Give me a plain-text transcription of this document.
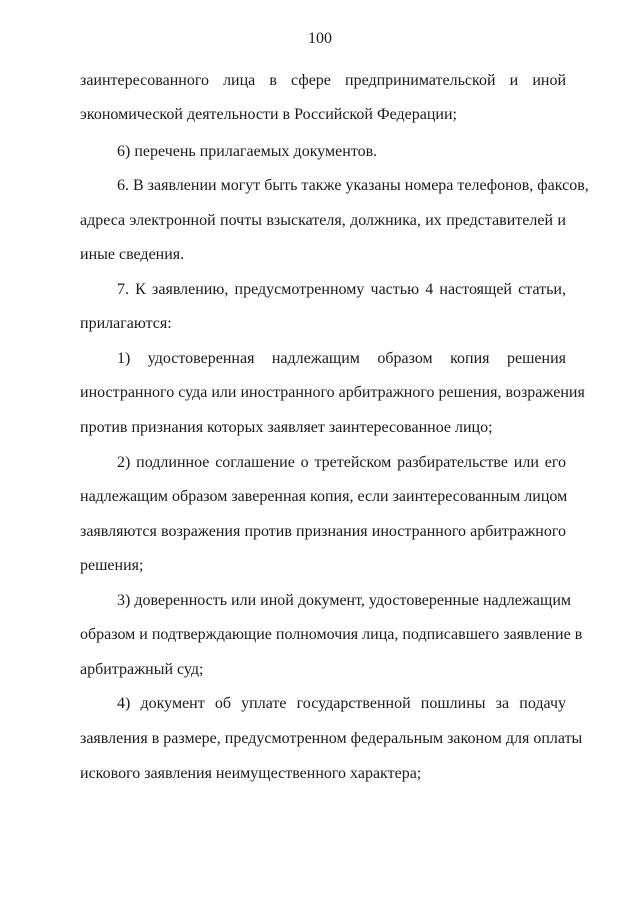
100
заинтересованного лица в сфере предпринимательской и иной
экономической деятельности в Российской Федерации;
6) перечень прилагаемых документов.
6. В заявлении могут быть также указаны номера телефонов, факсов,
адреса электронной почты взыскателя, должника, их представителей и
иные сведения.
7. К заявлению, предусмотренному частью 4 настоящей статьи,
прилагаются:
1) удостоверенная надлежащим образом копия решения
иностранного суда или иностранного арбитражного решения, возражения
против признания которых заявляет заинтересованное лицо;
2) подлинное соглашение о третейском разбирательстве или его
надлежащим образом заверенная копия, если заинтересованным лицом
заявляются возражения против признания иностранного арбитражного
решения;
3) доверенность или иной документ, удостоверенные надлежащим
образом и подтверждающие полномочия лица, подписавшего заявление в
арбитражный суд;
4) документ об уплате государственной пошлины за подачу
заявления в размере, предусмотренном федеральным законом для оплаты
искового заявления неимущественного характера;
